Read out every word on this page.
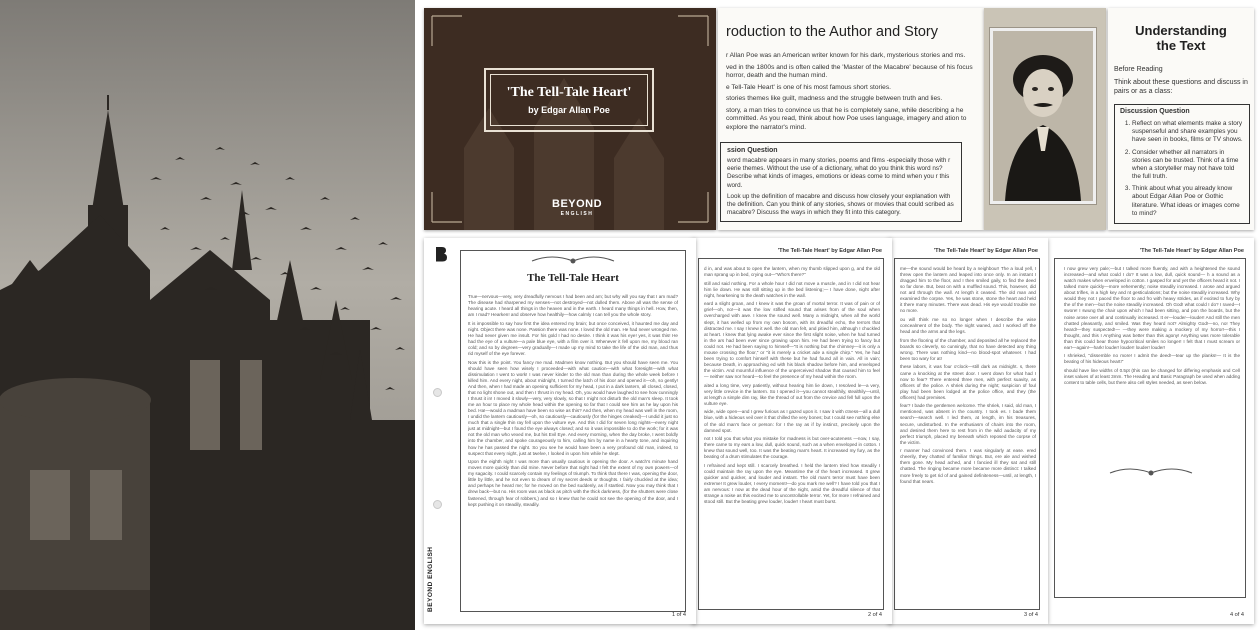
'The Tell-Tale Heart'
by Edgar Allan Poe
BEYOND
ENGLISH
roduction to the Author and Story
r Allan Poe was an American writer known for his dark, mysterious stories and ms.
ved in the 1800s and is often called the 'Master of the Macabre' because of his focus horror, death and the human mind.
e Tell-Tale Heart' is one of his most famous short stories.
stories themes like guilt, madness and the struggle between truth and lies.
story, a man tries to convince us that he is completely sane, while describing a he committed. As you read, think about how Poe uses language, imagery and ation to explore the narrator's mind.
ssion Question

word macabre appears in many stories, poems and films -especially those with r eerie themes. Without the use of a dictionary, what do you think this word ns? Describe what kinds of images, emotions or ideas come to mind when you r this word.

Look up the definition of macabre and discuss how closely your explanation with the definition. Can you think of any stories, shows or movies that could scribed as macabre? Discuss the ways in which they fit into this category.

Understanding
the Text
Before Reading
Think about these questions and discuss in pairs or as a class:
Discussion Question
1. Reflect on what elements make a story suspenseful and share examples you have seen in books, films or TV shows.
2. Consider whether all narrators in stories can be trusted. Think of a time when a storyteller may not have told the full truth.
3. Think about what you already know about Edgar Allan Poe or Gothic literature. What ideas or images come to mind?
'The Tell-Tale Heart' by Edgar Allan Poe

I now grew very pale;—but I talked more fluently, and with a heightened the sound increased—and what could I do? It was a low, dull, quick sound— h a sound as a watch makes when enveloped in cotton. I gasped for and yet the officers heard it not. I talked more quickly—more vehemently; noise steadily increased. I arose and argued about trifles, in a high key and nt gesticulations; but the noise steadily increased. Why would they not I paced the floor to and fro with heavy strides, as if excited to fury by the of the men—but the noise steadily increased. Oh God! what could I do? I raved—I swore! I swung the chair upon which I had been sitting, and pon the boards, but the noise arose over all and continually increased. It er—louder—louder! And still the men chatted pleasantly, and smiled. Was they heard not? Almighty God!—no, no! They heard!—they suspected!— —they were making a mockery of my horror!—this I thought, and this I Anything was better than this agony! Anything was more tolerable than this could bear those hypocritical smiles no longer! I felt that I must scream or ear!—again!—hark! louder! louder! louder! louder!

I shrieked, "dissemble no more! I admit the deed!—tear up the planks!— It is the beating of his hideous heart!"

should have line widths of 0.5pt (this can be changed for differing emphasis and Cell inset values of at least 3mm. The Heading and Basic Paragraph be used when adding content to table cells, but there also cell styles needed, as seen below.

4 of 4
'The Tell-Tale Heart' by Edgar Allan Poe

me—the sound would be heard by a neighbour! The a loud yell, I threw open the lantern and leaped into once only. In an instant I dragged him to the floor, and I then smiled gaily, to find the deed so far done. But, beat on with a muffled sound. This, however, did not ard through the wall. At length it ceased. The old man and examined the corpse. Yes, he was stone, stone the heart and held it there many minutes. There was dead. His eye would trouble me no more.

ou will think me so no longer when I describe the wise concealment of the body. The night waned, and I worked off the head and the arms and the legs.

from the flooring of the chamber, and deposited all he replaced the boards so cleverly, so cunningly, that no have detected any thing wrong. There was nothing kind—no blood-spot whatever. I had been too wary for at!

these labors, it was four o'clock—still dark as midnight. s, there came a knocking at the street door. I went down for what had I now to fear? There entered three men, with perfect suavity, as officers of the police. A shriek during the night; suspicion of foul play had been been lodged at the police office, and they (the officers) had premises.

fear? I bade the gentlemen welcome. The shriek, I said, old man, I mentioned, was absent in the country. I took es. I bade them search—search well. I led them, at length, im his treasures, secure, undisturbed. In the enthusiasm of chairs into the room, and desired them here to rest from in the wild audacity of my perfect triumph, placed my beneath which reposed the corpse of the victim.

r manner had convinced them. I was singularly at ease. ered cheerily, they chatted of familiar things. But, ere ale and wished them gone. My head ached, and I fancied ill they sat and still chatted. The ringing became more became more distinct: I talked more freely to get rid of and gained definiteness—until, at length, I found that nears.

3 of 4
'The Tell-Tale Heart' by Edgar Allan Poe

d in, and was about to open the lantern, when my thumb slipped upon g, and the old man sprang up in bed, crying out—"Who's there?"

still and said nothing. For a whole hour I did not move a muscle, and in I did not hear him lie down. He was still sitting up in the bed listening;— I have done, night after night, hearkening to the death watches in the wall.

eard a slight groan, and I knew it was the groan of mortal terror. It was of pain or of grief—oh, no!—it was the low stifled sound that arises from of the soul when overcharged with awe. I knew the sound well. Many a midnight, when all the world slept, it has welled up from my own bosom, with its dreadful echo, the terrors that distracted me. I say I knew it well. the old man felt, and pitied him, although I chuckled at heart. I knew that lying awake ever since the first slight noise, when he had turned in the ars had been ever since growing upon him. He had been trying to fancy but could not. He had been saying to himself—"It is nothing but the chimney—it is only a mouse crossing the floor," or "it is merely a cricket ade a single chirp." Yes, he had been trying to comfort himself with these but he had found all in vain. All in vain; because Death, in approaching ed with his black shadow before him, and enveloped the victim. And mournful influence of the unperceived shadow that caused him to feel— neither saw nor heard—to feel the presence of my head within the room.

aited a long time, very patiently, without hearing him lie down, I resolved le—a very, very little crevice in the lantern. So I opened it—you cannot stealthily, stealthily—until, at length a simple dim ray, like the thread of out from the crevice and fell full upon the vulture eye.

wide, wide open—and I grew furious as I gazed upon it. I saw it with ctness—all a dull blue, with a hideous veil over it that chilled the very bones; but I could see nothing else of the old man's face or person: for I the ray as if by instinct, precisely upon the damned spot.

not I told you that what you mistake for madness is but over-acuteness —now, I say, there came to my ears a low, dull, quick sound, such as a when enveloped in cotton. I knew that sound well, too. It was the beating man's heart. It increased my fury, as the beating of a drum stimulates the courage.

I refrained and kept still. I scarcely breathed. I held the lantern tried how steadily I could maintain the ray upon the eye. Meantime the of the heart increased. It grew quicker and quicker, and louder and instant. The old man's terror must have been extreme! It grew louder, I every moment!—do you mark me well? I have told you that I am nervous: I now at the dead hour of the night, amid the dreadful silence of that strange a noise as this excited me to uncontrollable terror. Yet, for more I refrained and stood still. But the beating grew louder, louder! I heart must burst.

2 of 4
BEYOND ENGLISH
The Tell-Tale Heart

True—nervous—very, very dreadfully nervous I had been and am; but why will you say that I am mad? The disease had sharpened my senses—not destroyed—not dulled them. Above all was the sense of hearing acute. I heard all things in the heaven and in the earth. I heard many things in hell. How, then, am I mad? Hearken! and observe how healthily—how calmly I can tell you the whole story.

It is impossible to say how first the idea entered my brain; but once conceived, it haunted me day and night. Object there was none. Passion there was none. I loved the old man. He had never wronged me. He had never given me insult. For his gold I had no desire. I think it was his eye! yes, it was this! He had the eye of a vulture—a pale blue eye, with a film over it. Whenever it fell upon me, my blood ran cold; and so by degrees—very gradually—I made up my mind to take the life of the old man, and thus rid myself of the eye forever.

Now this is the point. You fancy me mad. Madmen know nothing. But you should have seen me. You should have seen how wisely I proceeded—with what caution—with what foresight—with what dissimulation I went to work! I was never kinder to the old man than during the whole week before I killed him. And every night, about midnight, I turned the latch of his door and opened it—oh, so gently! And then, when I had made an opening sufficient for my head, I put in a dark lantern, all closed, closed, that no light shone out, and then I thrust in my head. Oh, you would have laughed to see how cunningly I thrust it in! I moved it slowly—very, very slowly, so that I might not disturb the old man's sleep. It took me an hour to place my whole head within the opening so far that I could see him as he lay upon his bed. Ha!—would a madman have been so wise as this? And then, when my head was well in the room, I undid the lantern cautiously—oh, so cautiously—cautiously (for the hinges creaked)—I undid it just so much that a single thin ray fell upon the vulture eye. And this I did for seven long nights—every night just at midnight—but I found the eye always closed; and so it was impossible to do the work; for it was not the old man who vexed me, but his Evil Eye. And every morning, when the day broke, I went boldly into the chamber, and spoke courageously to him, calling him by name in a hearty tone, and inquiring how he has passed the night. So you see he would have been a very profound old man, indeed, to suspect that every night, just at twelve, I looked in upon him while he slept.

Upon the eighth night I was more than usually cautious in opening the door. A watch's minute hand moves more quickly than did mine. Never before that night had I felt the extent of my own powers—of my sagacity. I could scarcely contain my feelings of triumph. To think that there I was, opening the door, little by little, and he not even to dream of my secret deeds or thoughts. I fairly chuckled at the idea; and perhaps he heard me; for he moved on the bed suddenly, as if startled. Now you may think that I drew back—but no. His room was as black as pitch with the thick darkness, (for the shutters were close fastened, through fear of robbers,) and so I knew that he could not see the opening of the door, and I kept pushing it on steadily, steadily.

1 of 4
